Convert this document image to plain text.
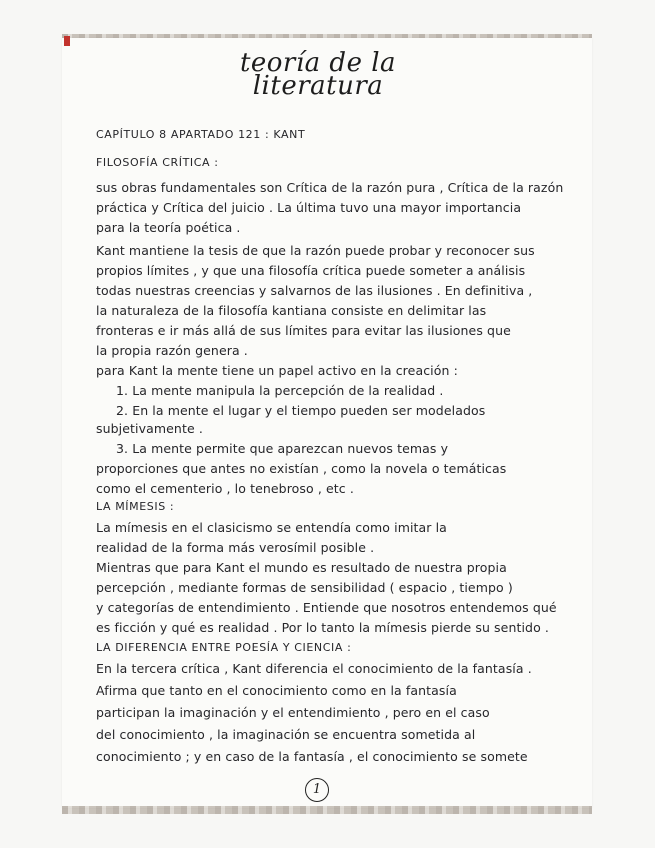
teoría de la
literatura
CAPÍTULO 8 APARTADO 121 : KANT
FILOSOFÍA CRÍTICA :
sus obras fundamentales son Crítica de la razón pura , Crítica de la razón
práctica y Crítica del juicio . La última tuvo una mayor importancia
para la teoría poética .
Kant mantiene la tesis de que la razón puede probar y reconocer sus
propios límites , y que una filosofía crítica puede someter a análisis
todas nuestras creencias y salvarnos de las ilusiones . En definitiva ,
la naturaleza de la filosofía kantiana consiste en delimitar las
fronteras e ir más allá de sus límites para evitar las ilusiones que
la propia razón genera .
para Kant la mente tiene un papel activo en la creación :
1. La mente manipula la percepción de la realidad .
2. En la mente el lugar y el tiempo pueden ser modelados
subjetivamente .
3. La mente permite que aparezcan nuevos temas y
proporciones que antes no existían , como la novela o temáticas
como el cementerio , lo tenebroso , etc .
LA MÍMESIS :
La mímesis en el clasicismo se entendía como imitar la
realidad de la forma más verosímil posible .
Mientras que para Kant el mundo es resultado de nuestra propia
percepción , mediante formas de sensibilidad ( espacio , tiempo )
y categorías de entendimiento . Entiende que nosotros entendemos qué
es ficción y qué es realidad . Por lo tanto la mímesis pierde su sentido .
LA DIFERENCIA ENTRE POESÍA Y CIENCIA :
En la tercera crítica , Kant diferencia el conocimiento de la fantasía .
Afirma que tanto en el conocimiento como en la fantasía
participan la imaginación y el entendimiento , pero en el caso
del conocimiento , la imaginación se encuentra sometida al
conocimiento ; y en caso de la fantasía , el conocimiento se somete
1
